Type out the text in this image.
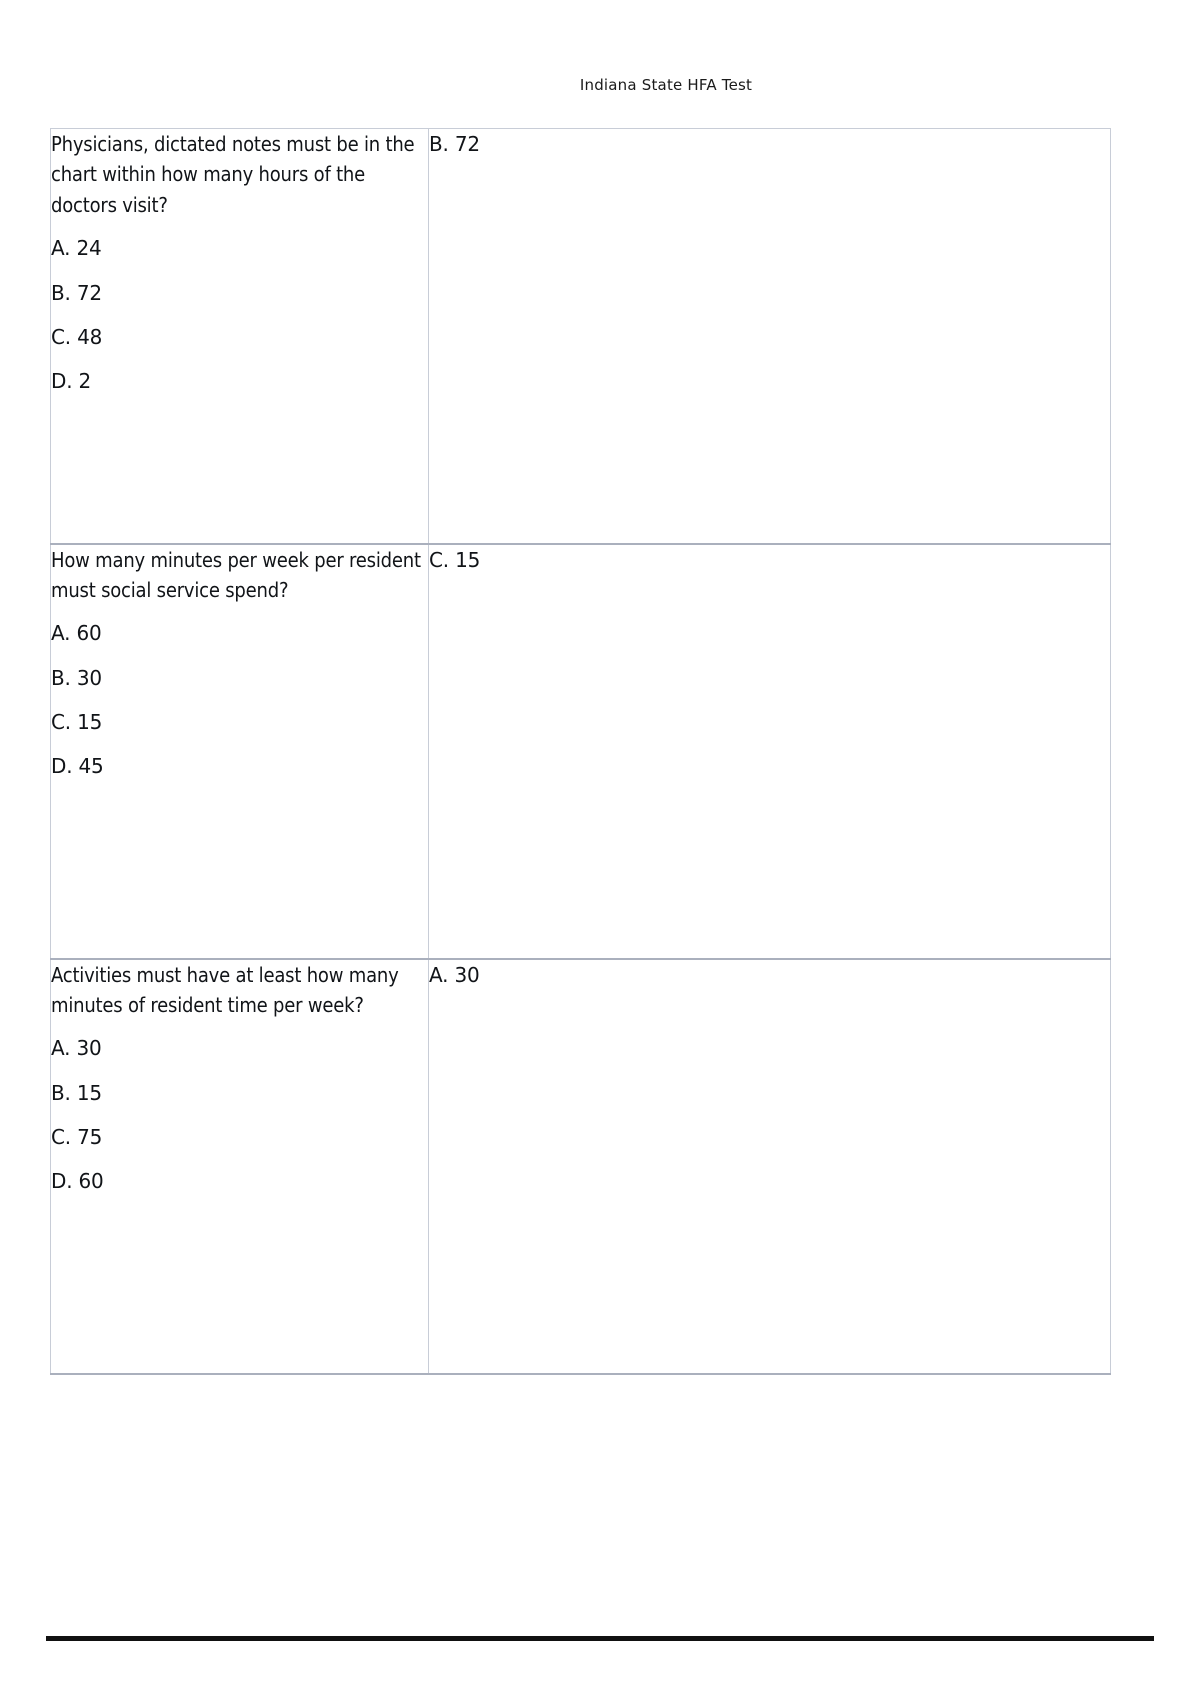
Indiana State HFA Test

Physicians, dictated notes must be in the chart within how many hours of the doctors visit?

A. 24

B. 72

C. 48

D. 2	B. 72

How many minutes per week per resident must social service spend?

A. 60

B. 30

C. 15

D. 45	C. 15

Activities must have at least how many minutes of resident time per week?

A. 30

B. 15

C. 75

D. 60	A. 30
